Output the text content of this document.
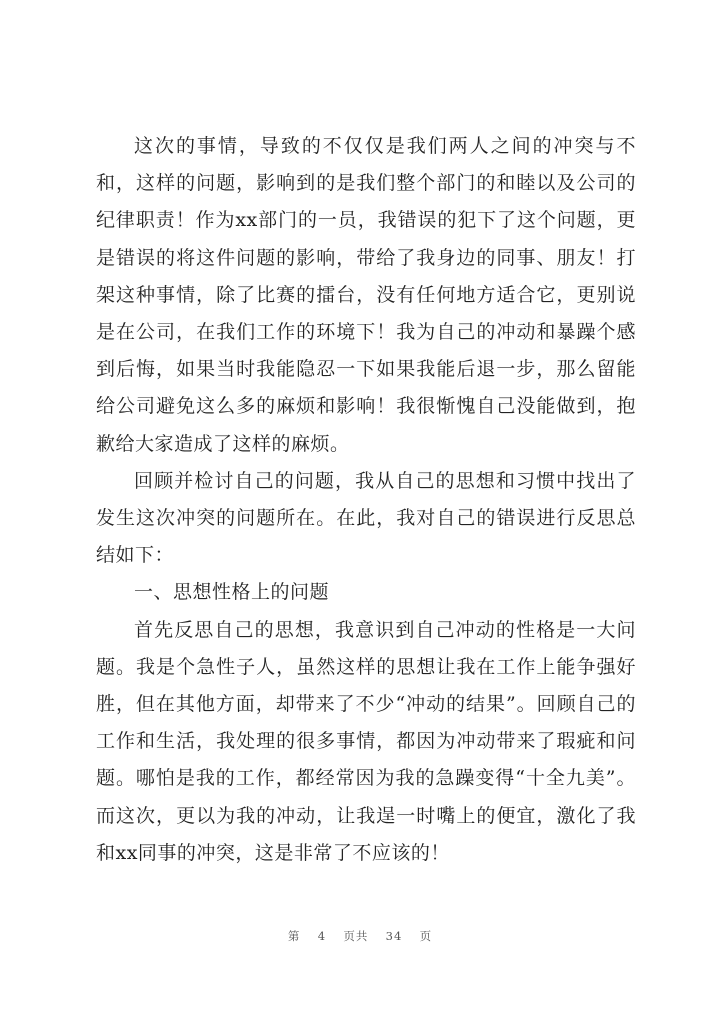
这次的事情，导致的不仅仅是我们两人之间的冲突与不和，这样的问题，影响到的是我们整个部门的和睦以及公司的纪律职责！作为xx部门的一员，我错误的犯下了这个问题，更是错误的将这件问题的影响，带给了我身边的同事、朋友！打架这种事情，除了比赛的擂台，没有任何地方适合它，更别说是在公司，在我们工作的环境下！我为自己的冲动和暴躁个感到后悔，如果当时我能隐忍一下如果我能后退一步，那么留能给公司避免这么多的麻烦和影响！我很惭愧自己没能做到，抱歉给大家造成了这样的麻烦。

回顾并检讨自己的问题，我从自己的思想和习惯中找出了发生这次冲突的问题所在。在此，我对自己的错误进行反思总结如下：

一、思想性格上的问题

首先反思自己的思想，我意识到自己冲动的性格是一大问题。我是个急性子人，虽然这样的思想让我在工作上能争强好胜，但在其他方面，却带来了不少“冲动的结果”。回顾自己的工作和生活，我处理的很多事情，都因为冲动带来了瑕疵和问题。哪怕是我的工作，都经常因为我的急躁变得“十全九美”。而这次，更以为我的冲动，让我逞一时嘴上的便宜，激化了我和xx同事的冲突，这是非常了不应该的！

第 4 页共 34 页
